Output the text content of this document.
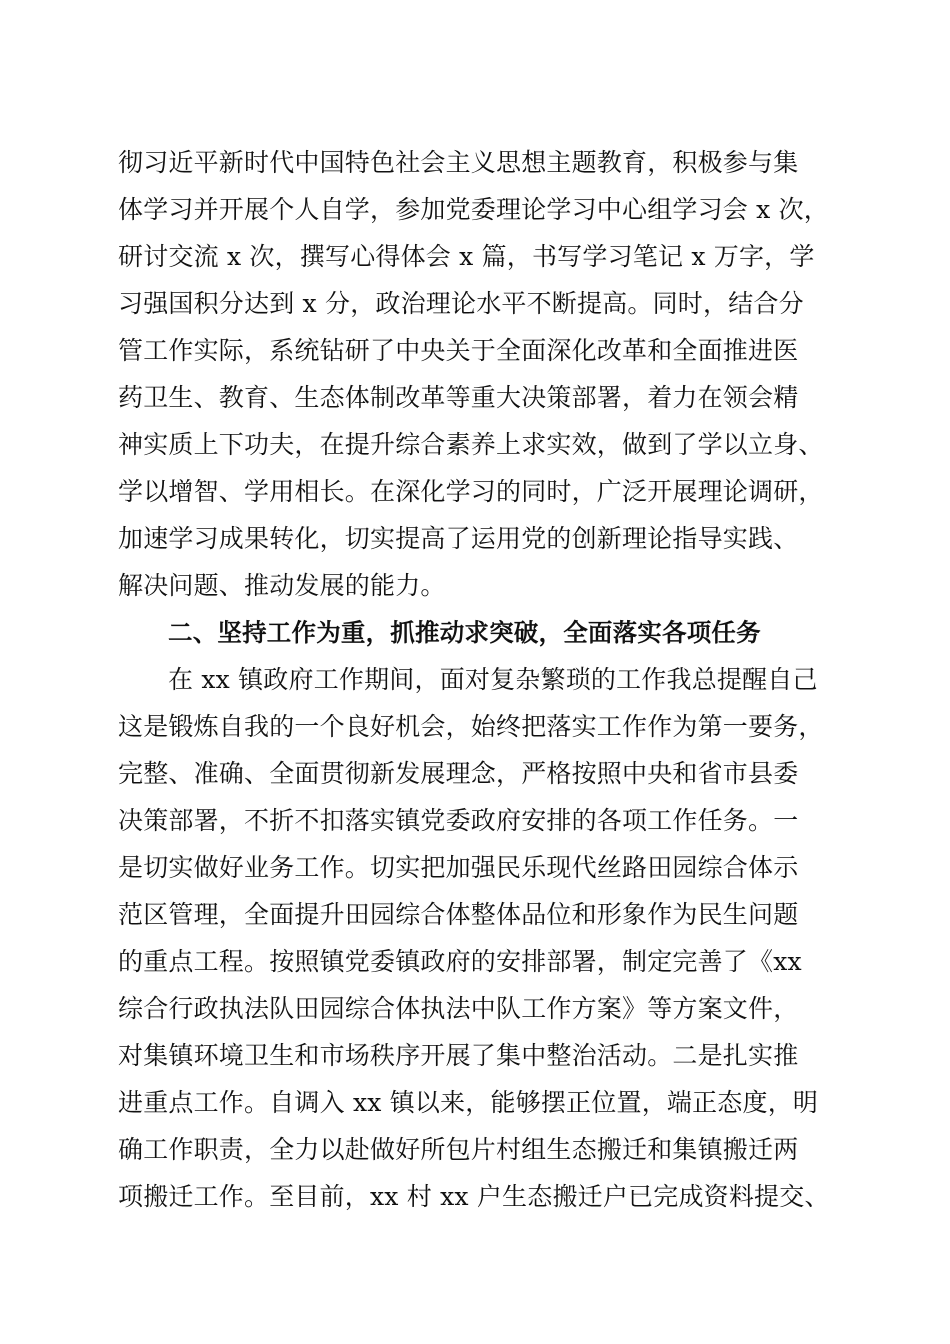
彻习近平新时代中国特色社会主义思想主题教育，积极参与集
体学习并开展个人自学，参加党委理论学习中心组学习会 x 次，
研讨交流 x 次，撰写心得体会 x 篇，书写学习笔记 x 万字，学
习强国积分达到 x 分，政治理论水平不断提高。同时，结合分
管工作实际，系统钻研了中央关于全面深化改革和全面推进医
药卫生、教育、生态体制改革等重大决策部署，着力在领会精
神实质上下功夫，在提升综合素养上求实效，做到了学以立身、
学以增智、学用相长。在深化学习的同时，广泛开展理论调研，
加速学习成果转化，切实提高了运用党的创新理论指导实践、
解决问题、推动发展的能力。
二、坚持工作为重，抓推动求突破，全面落实各项任务
在 xx 镇政府工作期间，面对复杂繁琐的工作我总提醒自己
这是锻炼自我的一个良好机会，始终把落实工作作为第一要务，
完整、准确、全面贯彻新发展理念，严格按照中央和省市县委
决策部署，不折不扣落实镇党委政府安排的各项工作任务。一
是切实做好业务工作。切实把加强民乐现代丝路田园综合体示
范区管理，全面提升田园综合体整体品位和形象作为民生问题
的重点工程。按照镇党委镇政府的安排部署，制定完善了《xx
综合行政执法队田园综合体执法中队工作方案》等方案文件，
对集镇环境卫生和市场秩序开展了集中整治活动。二是扎实推
进重点工作。自调入 xx 镇以来，能够摆正位置，端正态度，明
确工作职责，全力以赴做好所包片村组生态搬迁和集镇搬迁两
项搬迁工作。至目前，xx 村 xx 户生态搬迁户已完成资料提交、
